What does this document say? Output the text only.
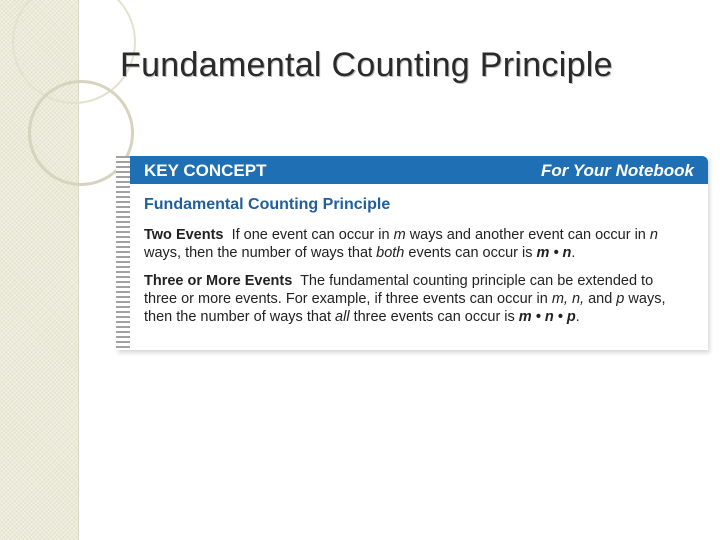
Fundamental Counting Principle
KEY CONCEPT	For Your Notebook
Fundamental Counting Principle
Two Events If one event can occur in m ways and another event can occur in n ways, then the number of ways that both events can occur is m • n.
Three or More Events The fundamental counting principle can be extended to three or more events. For example, if three events can occur in m, n, and p ways, then the number of ways that all three events can occur is m • n • p.
